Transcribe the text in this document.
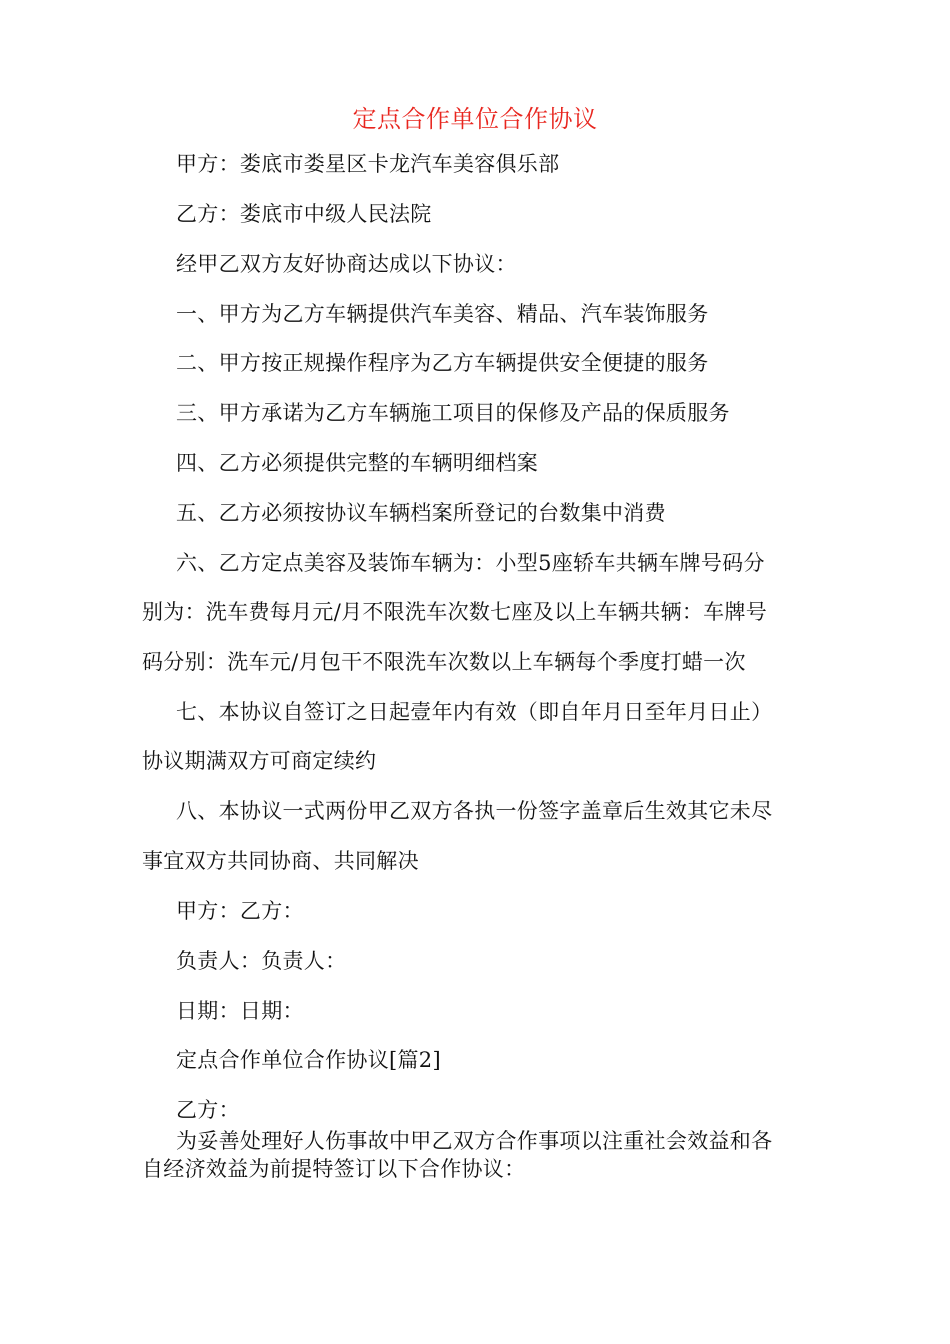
定点合作单位合作协议
甲方：娄底市娄星区卡龙汽车美容俱乐部
乙方：娄底市中级人民法院
经甲乙双方友好协商达成以下协议：
一、甲方为乙方车辆提供汽车美容、精品、汽车装饰服务
二、甲方按正规操作程序为乙方车辆提供安全便捷的服务
三、甲方承诺为乙方车辆施工项目的保修及产品的保质服务
四、乙方必须提供完整的车辆明细档案
五、乙方必须按协议车辆档案所登记的台数集中消费
六、乙方定点美容及装饰车辆为：小型5座轿车共辆车牌号码分
别为：洗车费每月元/月不限洗车次数七座及以上车辆共辆：车牌号
码分别：洗车元/月包干不限洗车次数以上车辆每个季度打蜡一次
七、本协议自签订之日起壹年内有效（即自年月日至年月日止）
协议期满双方可商定续约
八、本协议一式两份甲乙双方各执一份签字盖章后生效其它未尽
事宜双方共同协商、共同解决
甲方：乙方：
负责人：负责人：
日期：日期：
定点合作单位合作协议[篇2]
乙方：
为妥善处理好人伤事故中甲乙双方合作事项以注重社会效益和各
自经济效益为前提特签订以下合作协议：
